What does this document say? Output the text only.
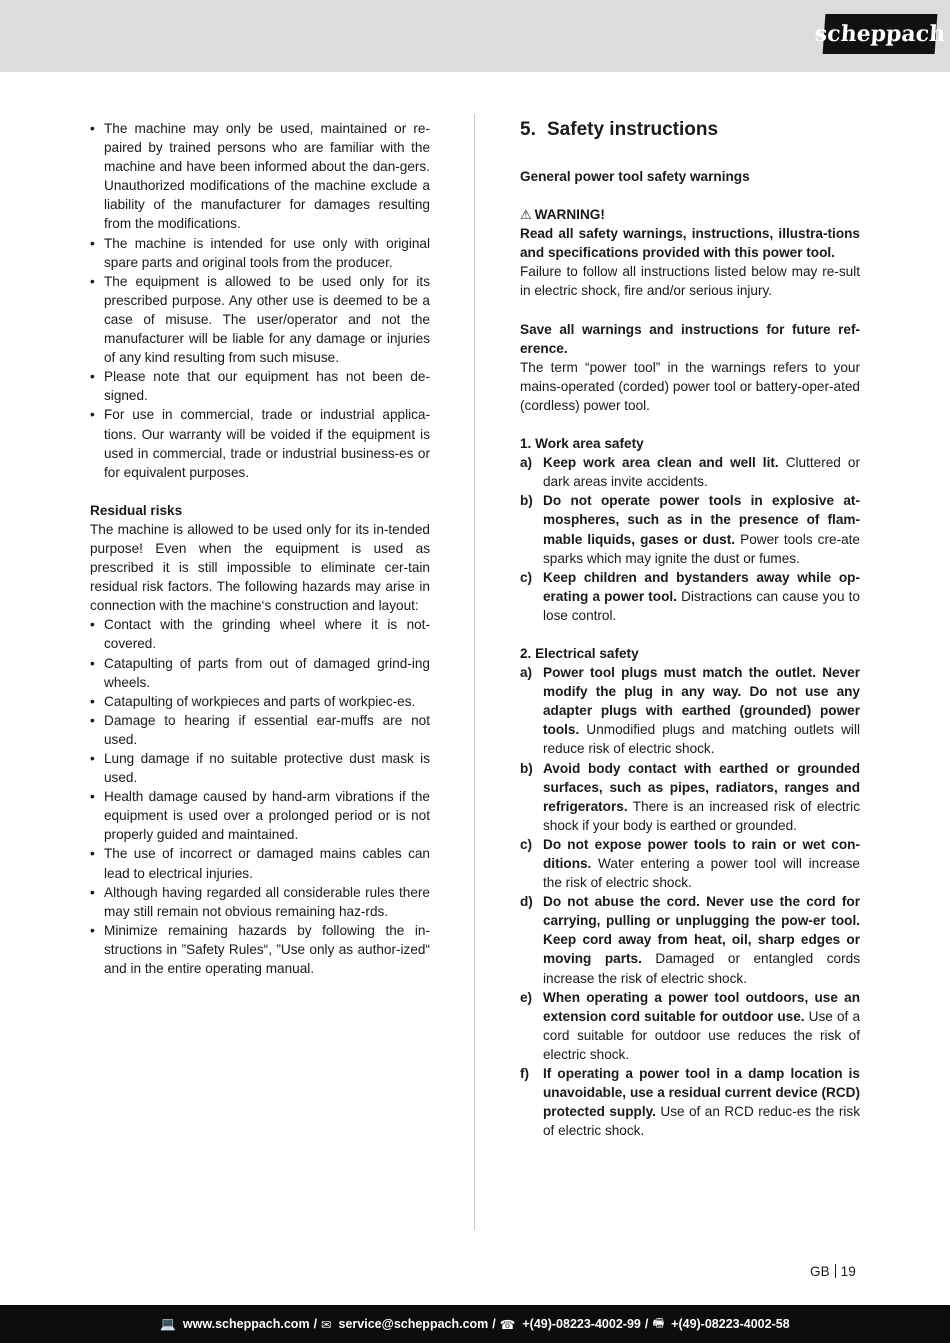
scheppach
• The machine may only be used, maintained or re-paired by trained persons who are familiar with the machine and have been informed about the dan-gers. Unauthorized modifications of the machine exclude a liability of the manufacturer for damages resulting from the modifications.
• The machine is intended for use only with original spare parts and original tools from the producer.
• The equipment is allowed to be used only for its prescribed purpose. Any other use is deemed to be a case of misuse. The user/operator and not the manufacturer will be liable for any damage or injuries of any kind resulting from such misuse.
• Please note that our equipment has not been de-signed.
• For use in commercial, trade or industrial applica-tions. Our warranty will be voided if the equipment is used in commercial, trade or industrial business-es or for equivalent purposes.
Residual risks

The machine is allowed to be used only for its in-tended purpose! Even when the equipment is used as prescribed it is still impossible to eliminate cer-tain residual risk factors. The following hazards may arise in connection with the machine‘s construction and layout:

• Contact with the grinding wheel where it is not-covered.
• Catapulting of parts from out of damaged grind-ing wheels.
• Catapulting of workpieces and parts of workpiec-es.
• Damage to hearing if essential ear-muffs are not used.
• Lung damage if no suitable protective dust mask is used.
• Health damage caused by hand-arm vibrations if the equipment is used over a prolonged period or is not properly guided and maintained.
• The use of incorrect or damaged mains cables can lead to electrical injuries.
• Although having regarded all considerable rules there may still remain not obvious remaining haz-rds.
• Minimize remaining hazards by following the in-structions in ”Safety Rules“, ”Use only as author-ized“ and in the entire operating manual.
5. Safety instructions
General power tool safety warnings
⚠ WARNING!

Read all safety warnings, instructions, illustra-tions and specifications provided with this power tool.

Failure to follow all instructions listed below may re-sult in electric shock, fire and/or serious injury.

Save all warnings and instructions for future ref-erence.

The term “power tool” in the warnings refers to your mains-operated (corded) power tool or battery-oper-ated (cordless) power tool.

1. Work area safety
a) Keep work area clean and well lit. Cluttered or dark areas invite accidents.
b) Do not operate power tools in explosive at-mospheres, such as in the presence of flam-mable liquids, gases or dust. Power tools cre-ate sparks which may ignite the dust or fumes.
c) Keep children and bystanders away while op-erating a power tool. Distractions can cause you to lose control.
2. Electrical safety
a) Power tool plugs must match the outlet. Never modify the plug in any way. Do not use any adapter plugs with earthed (grounded) power tools. Unmodified plugs and matching outlets will reduce risk of electric shock.
b) Avoid body contact with earthed or grounded surfaces, such as pipes, radiators, ranges and refrigerators. There is an increased risk of electric shock if your body is earthed or grounded.
c) Do not expose power tools to rain or wet con-ditions. Water entering a power tool will increase the risk of electric shock.
d) Do not abuse the cord. Never use the cord for carrying, pulling or unplugging the pow-er tool. Keep cord away from heat, oil, sharp edges or moving parts. Damaged or entangled cords increase the risk of electric shock.
e) When operating a power tool outdoors, use an extension cord suitable for outdoor use. Use of a cord suitable for outdoor use reduces the risk of electric shock.
f) If operating a power tool in a damp location is unavoidable, use a residual current device (RCD) protected supply. Use of an RCD reduc-es the risk of electric shock.
GB 19
💻 www.scheppach.com / ✉ service@scheppach.com / ☎ +(49)-08223-4002-99 / 🖷 +(49)-08223-4002-58
